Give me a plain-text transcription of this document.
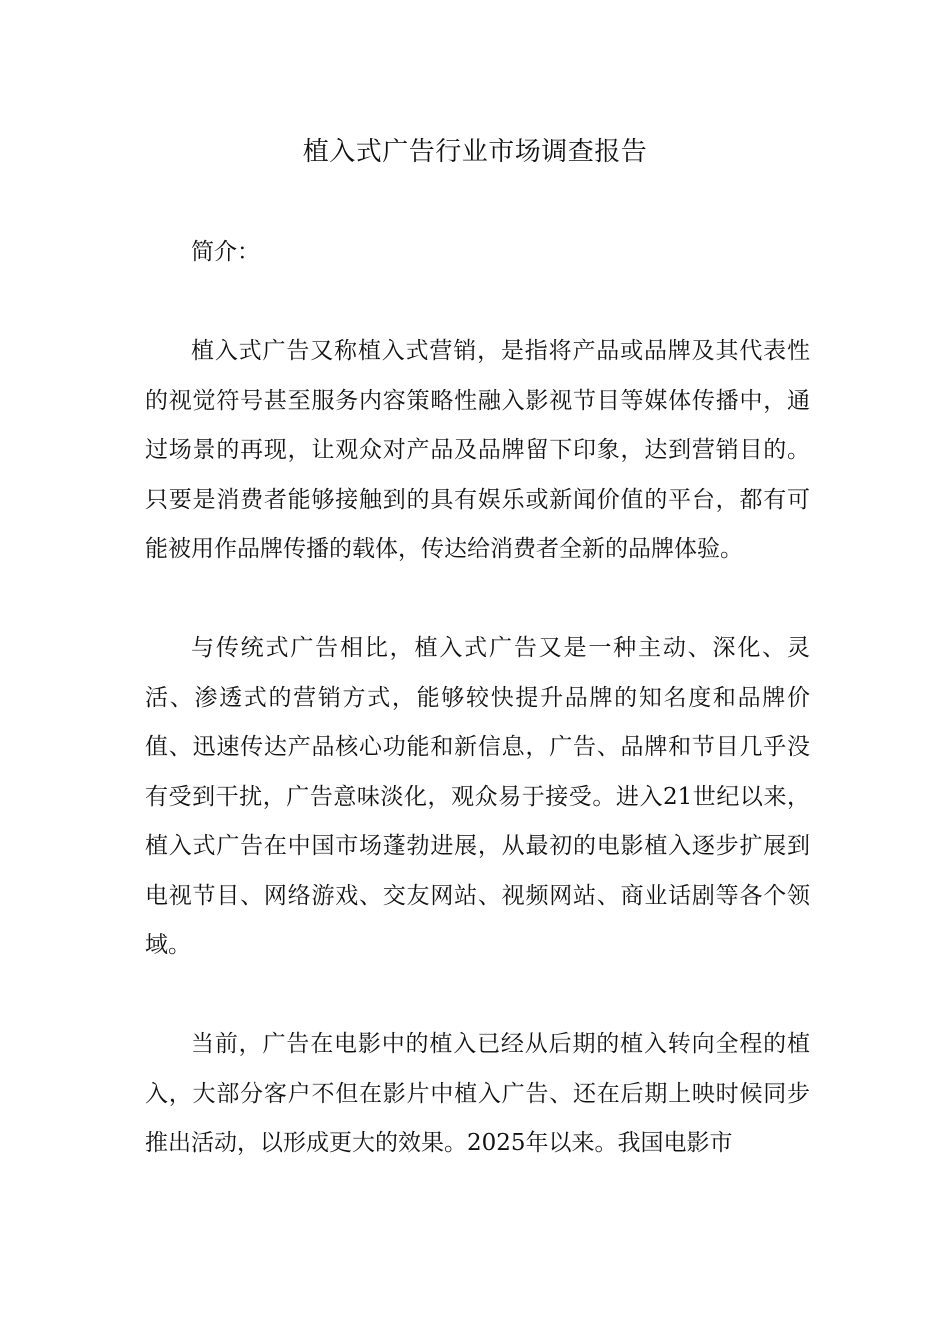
植入式广告行业市场调查报告

简介：

植入式广告又称植入式营销，是指将产品或品牌及其代表性的视觉符号甚至服务内容策略性融入影视节目等媒体传播中，通过场景的再现，让观众对产品及品牌留下印象，达到营销目的。只要是消费者能够接触到的具有娱乐或新闻价值的平台，都有可能被用作品牌传播的载体，传达给消费者全新的品牌体验。

与传统式广告相比，植入式广告又是一种主动、深化、灵活、渗透式的营销方式，能够较快提升品牌的知名度和品牌价值、迅速传达产品核心功能和新信息，广告、品牌和节目几乎没有受到干扰，广告意味淡化，观众易于接受。进入21世纪以来，植入式广告在中国市场蓬勃进展，从最初的电影植入逐步扩展到电视节目、网络游戏、交友网站、视频网站、商业话剧等各个领域。

当前，广告在电影中的植入已经从后期的植入转向全程的植入，大部分客户不但在影片中植入广告、还在后期上映时候同步推出活动，以形成更大的效果。2025年以来。我国电影市
